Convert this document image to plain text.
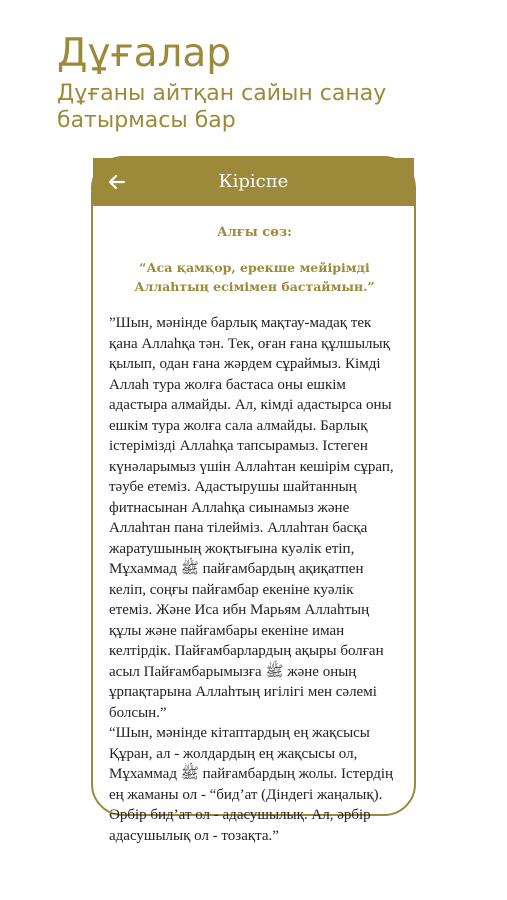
Дұғалар

Дұғаны айтқан сайын санау батырмасы бар

Кіріспе

Алғы сөз:

“Аса қамқор, ерекше мейірімді Аллаһтың есімімен бастаймын.”

”Шын, мәнінде барлық мақтау-мадақ тек қана Аллаһқа тән. Тек, оған ғана құлшылық қылып, одан ғана жәрдем сұраймыз. Кімді Аллаһ тура жолға бастаса оны ешкім адастыра алмайды. Ал, кімді адастырса оны ешкім тура жолға сала алмайды. Барлық істерімізді Аллаһқа тапсырамыз. Істеген күнәларымыз үшін Аллаһтан кешірім сұрап, тәубе етеміз. Адастырушы шайтанның фитнасынан Аллаһқа сиынамыз және Аллаһтан пана тілейміз. Аллаһтан басқа жаратушының жоқтығына куәлік етіп, Мұхаммад ﷺ пайғамбардың ақиқатпен келіп, соңғы пайғамбар екеніне куәлік етеміз. Және Иса ибн Марьям Аллаһтың құлы және пайғамбары екеніне иман келтірдік. Пайғамбарлардың ақыры болған асыл Пайғамбарымызға ﷺ және оның ұрпақтарына Аллаһтың игілігі мен сәлемі болсын.”
“Шын, мәнінде кітаптардың ең жақсысы Құран, ал - жолдардың ең жақсысы ол, Мұхаммад ﷺ пайғамбардың жолы. Істердің ең жаманы ол - “бид’ат (Діндегі жаңалық). Әрбір бид’ат ол - адасушылық. Ал, әрбір адасушылық ол - тозақта.”
